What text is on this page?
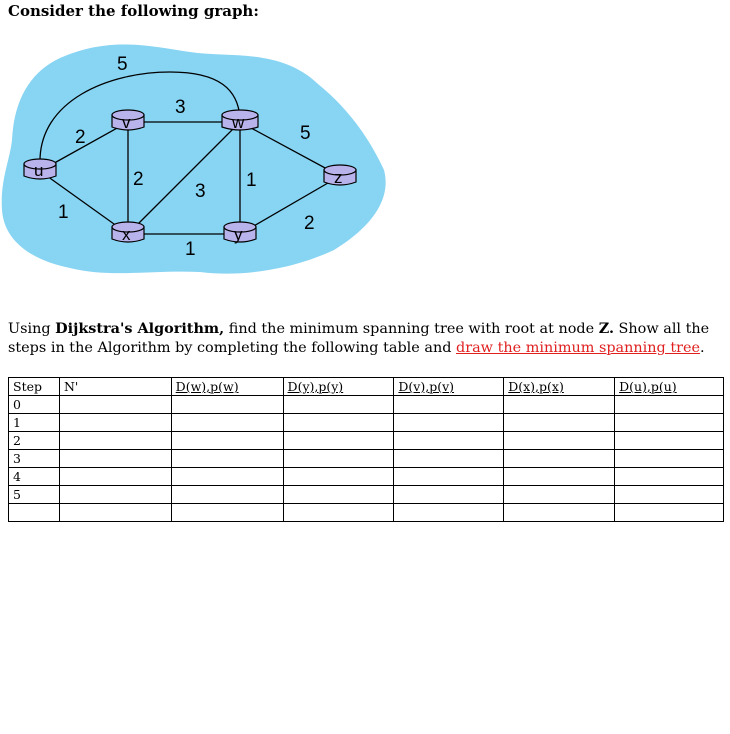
Consider the following graph:
5
3
5
2
2
3
1
1
1
2
u
v	w
x	y
z

Using Dijkstra's Algorithm, find the minimum spanning tree with root at node Z. Show all the steps in the Algorithm by completing the following table and draw the minimum spanning tree.

Step	N'	D(w),p(w)	D(y),p(y)	D(v),p(v)	D(x),p(x)	D(u),p(u)
0						
1						
2						
3						
4						
5						
